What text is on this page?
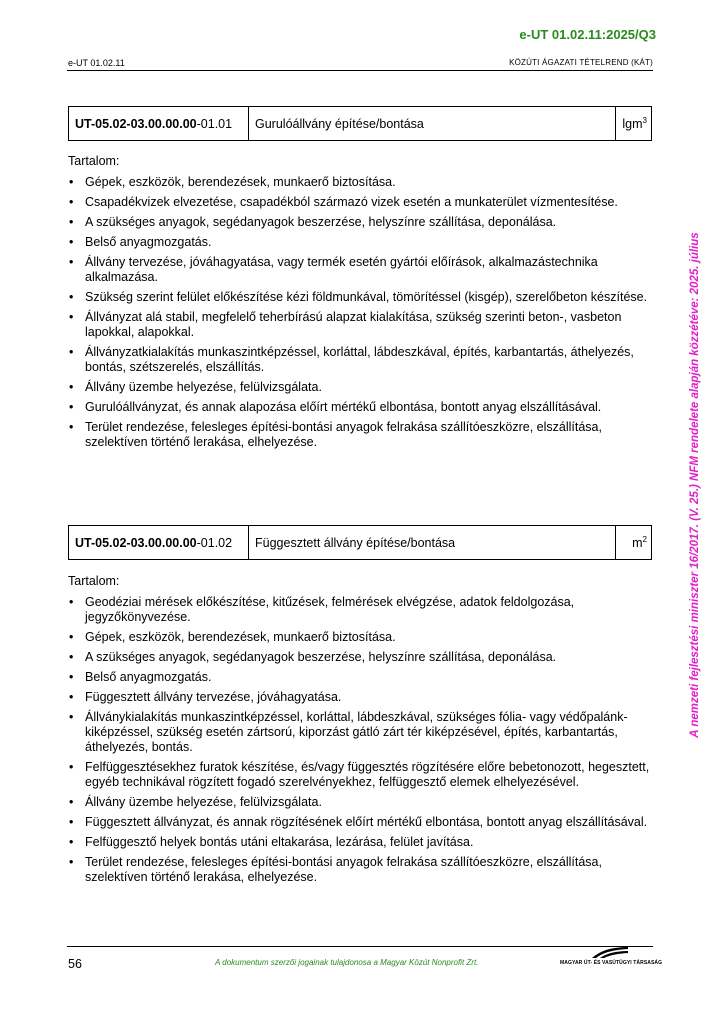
e-UT 01.02.11:2025/Q3
e-UT 01.02.11	KÖZÚTI ÁGAZATI TÉTELREND (KÁT)
UT-05.02-03.00.00.00-01.01	Gurulóállvány építése/bontása	lgm$^3$
Tartalom:
• Gépek, eszközök, berendezések, munkaerő biztosítása.
• Csapadékvizek elvezetése, csapadékból származó vizek esetén a munkaterület vízmentesítése.
• A szükséges anyagok, segédanyagok beszerzése, helyszínre szállítása, deponálása.
• Belső anyagmozgatás.
• Állvány tervezése, jóváhagyatása, vagy termék esetén gyártói előírások, alkalmazástechnika alkalmazása.
• Szükség szerint felület előkészítése kézi földmunkával, tömörítéssel (kisgép), szerelőbeton készítése.
• Állványzat alá stabil, megfelelő teherbírású alapzat kialakítása, szükség szerinti beton-, vasbeton lapokkal, alapokkal.
• Állványzatkialakítás munkaszintképzéssel, korláttal, lábdeszkával, építés, karbantartás, áthelyezés, bontás, szétszerelés, elszállítás.
• Állvány üzembe helyezése, felülvizsgálata.
• Gurulóállványzat, és annak alapozása előírt mértékű elbontása, bontott anyag elszállításával.
• Terület rendezése, felesleges építési-bontási anyagok felrakása szállítóeszközre, elszállítása, szelektíven történő lerakása, elhelyezése.
UT-05.02-03.00.00.00-01.02	Függesztett állvány építése/bontása	$m^2$
Tartalom:
• Geodéziai mérések előkészítése, kitűzések, felmérések elvégzése, adatok feldolgozása, jegyzőkönyvezése.
• Gépek, eszközök, berendezések, munkaerő biztosítása.
• A szükséges anyagok, segédanyagok beszerzése, helyszínre szállítása, deponálása.
• Belső anyagmozgatás.
• Függesztett állvány tervezése, jóváhagyatása.
• Állványkialakítás munkaszintképzéssel, korláttal, lábdeszkával, szükséges fólia- vagy védőpalánk-kiképzéssel, szükség esetén zártsorú, kiporzást gátló zárt tér kiképzésével, építés, karbantartás, áthelyezés, bontás.
• Felfüggesztésekhez furatok készítése, és/vagy függesztés rögzítésére előre bebetonozott, hegesztett, egyéb technikával rögzített fogadó szerelvényekhez, felfüggesztő elemek elhelyezésével.
• Állvány üzembe helyezése, felülvizsgálata.
• Függesztett állványzat, és annak rögzítésének előírt mértékű elbontása, bontott anyag elszállításával.
• Felfüggesztő helyek bontás utáni eltakarása, lezárása, felület javítása.
• Terület rendezése, felesleges építési-bontási anyagok felrakása szállítóeszközre, elszállítása, szelektíven történő lerakása, elhelyezése.
56	A dokumentum szerzői jogainak tulajdonosa a Magyar Közút Nonprofit Zrt.	MAGYAR ÚT- ÉS VASÚTÜGYI TÁRSASÁG
A nemzeti fejlesztési miniszter 16/2017. (V. 25.) NFM rendelete alapján közzétéve: 2025. július
